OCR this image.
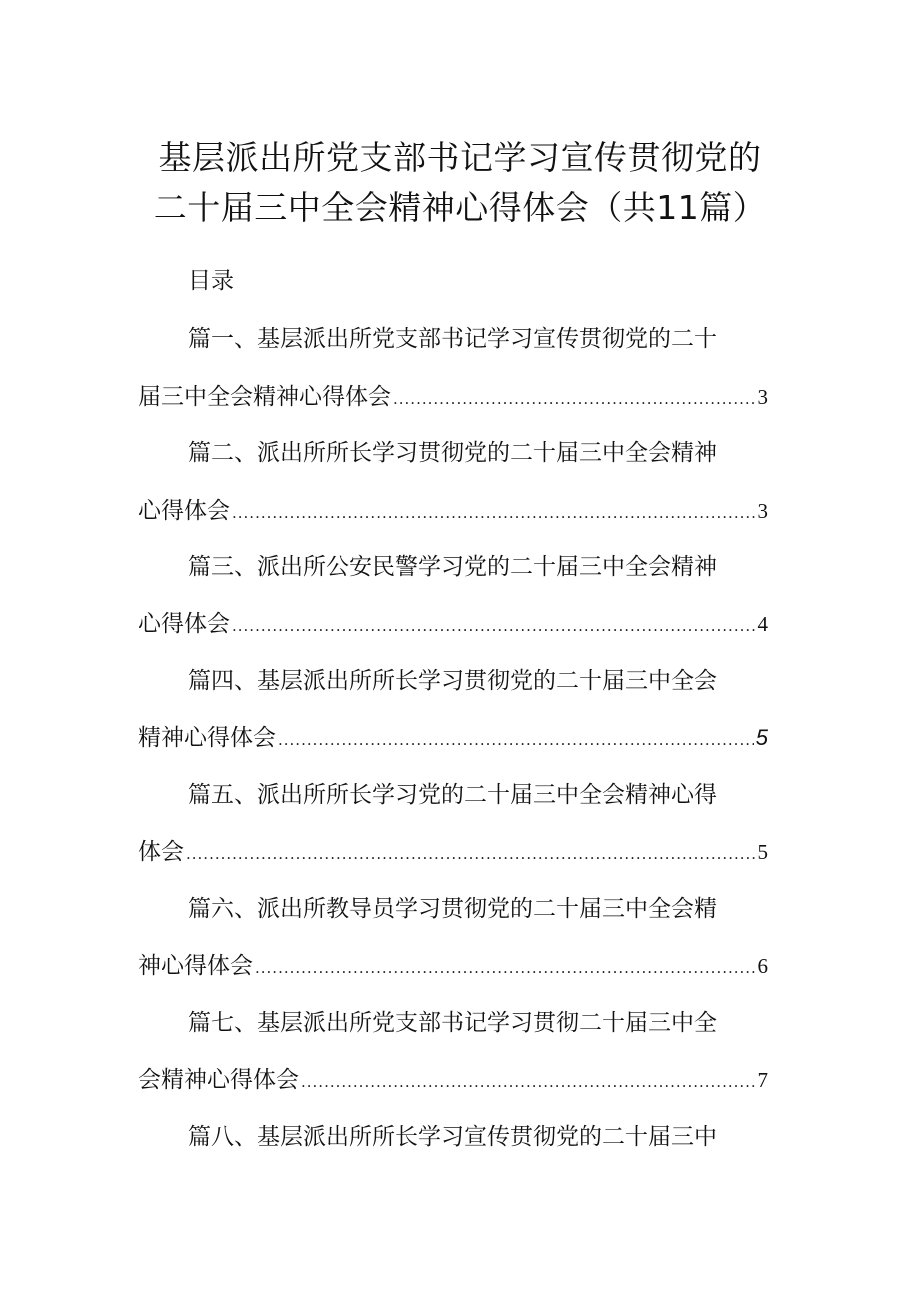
基层派出所党支部书记学习宣传贯彻党的
二十届三中全会精神心得体会（共11篇）
目录
篇一、基层派出所党支部书记学习宣传贯彻党的二十
届三中全会精神心得体会 .....	3
篇二、派出所所长学习贯彻党的二十届三中全会精神
心得体会 .....	3
篇三、派出所公安民警学习党的二十届三中全会精神
心得体会 .....	4
篇四、基层派出所所长学习贯彻党的二十届三中全会
精神心得体会 .....	5
篇五、派出所所长学习党的二十届三中全会精神心得
体会 .....	5
篇六、派出所教导员学习贯彻党的二十届三中全会精
神心得体会 .....	6
篇七、基层派出所党支部书记学习贯彻二十届三中全
会精神心得体会 .....	7
篇八、基层派出所所长学习宣传贯彻党的二十届三中
